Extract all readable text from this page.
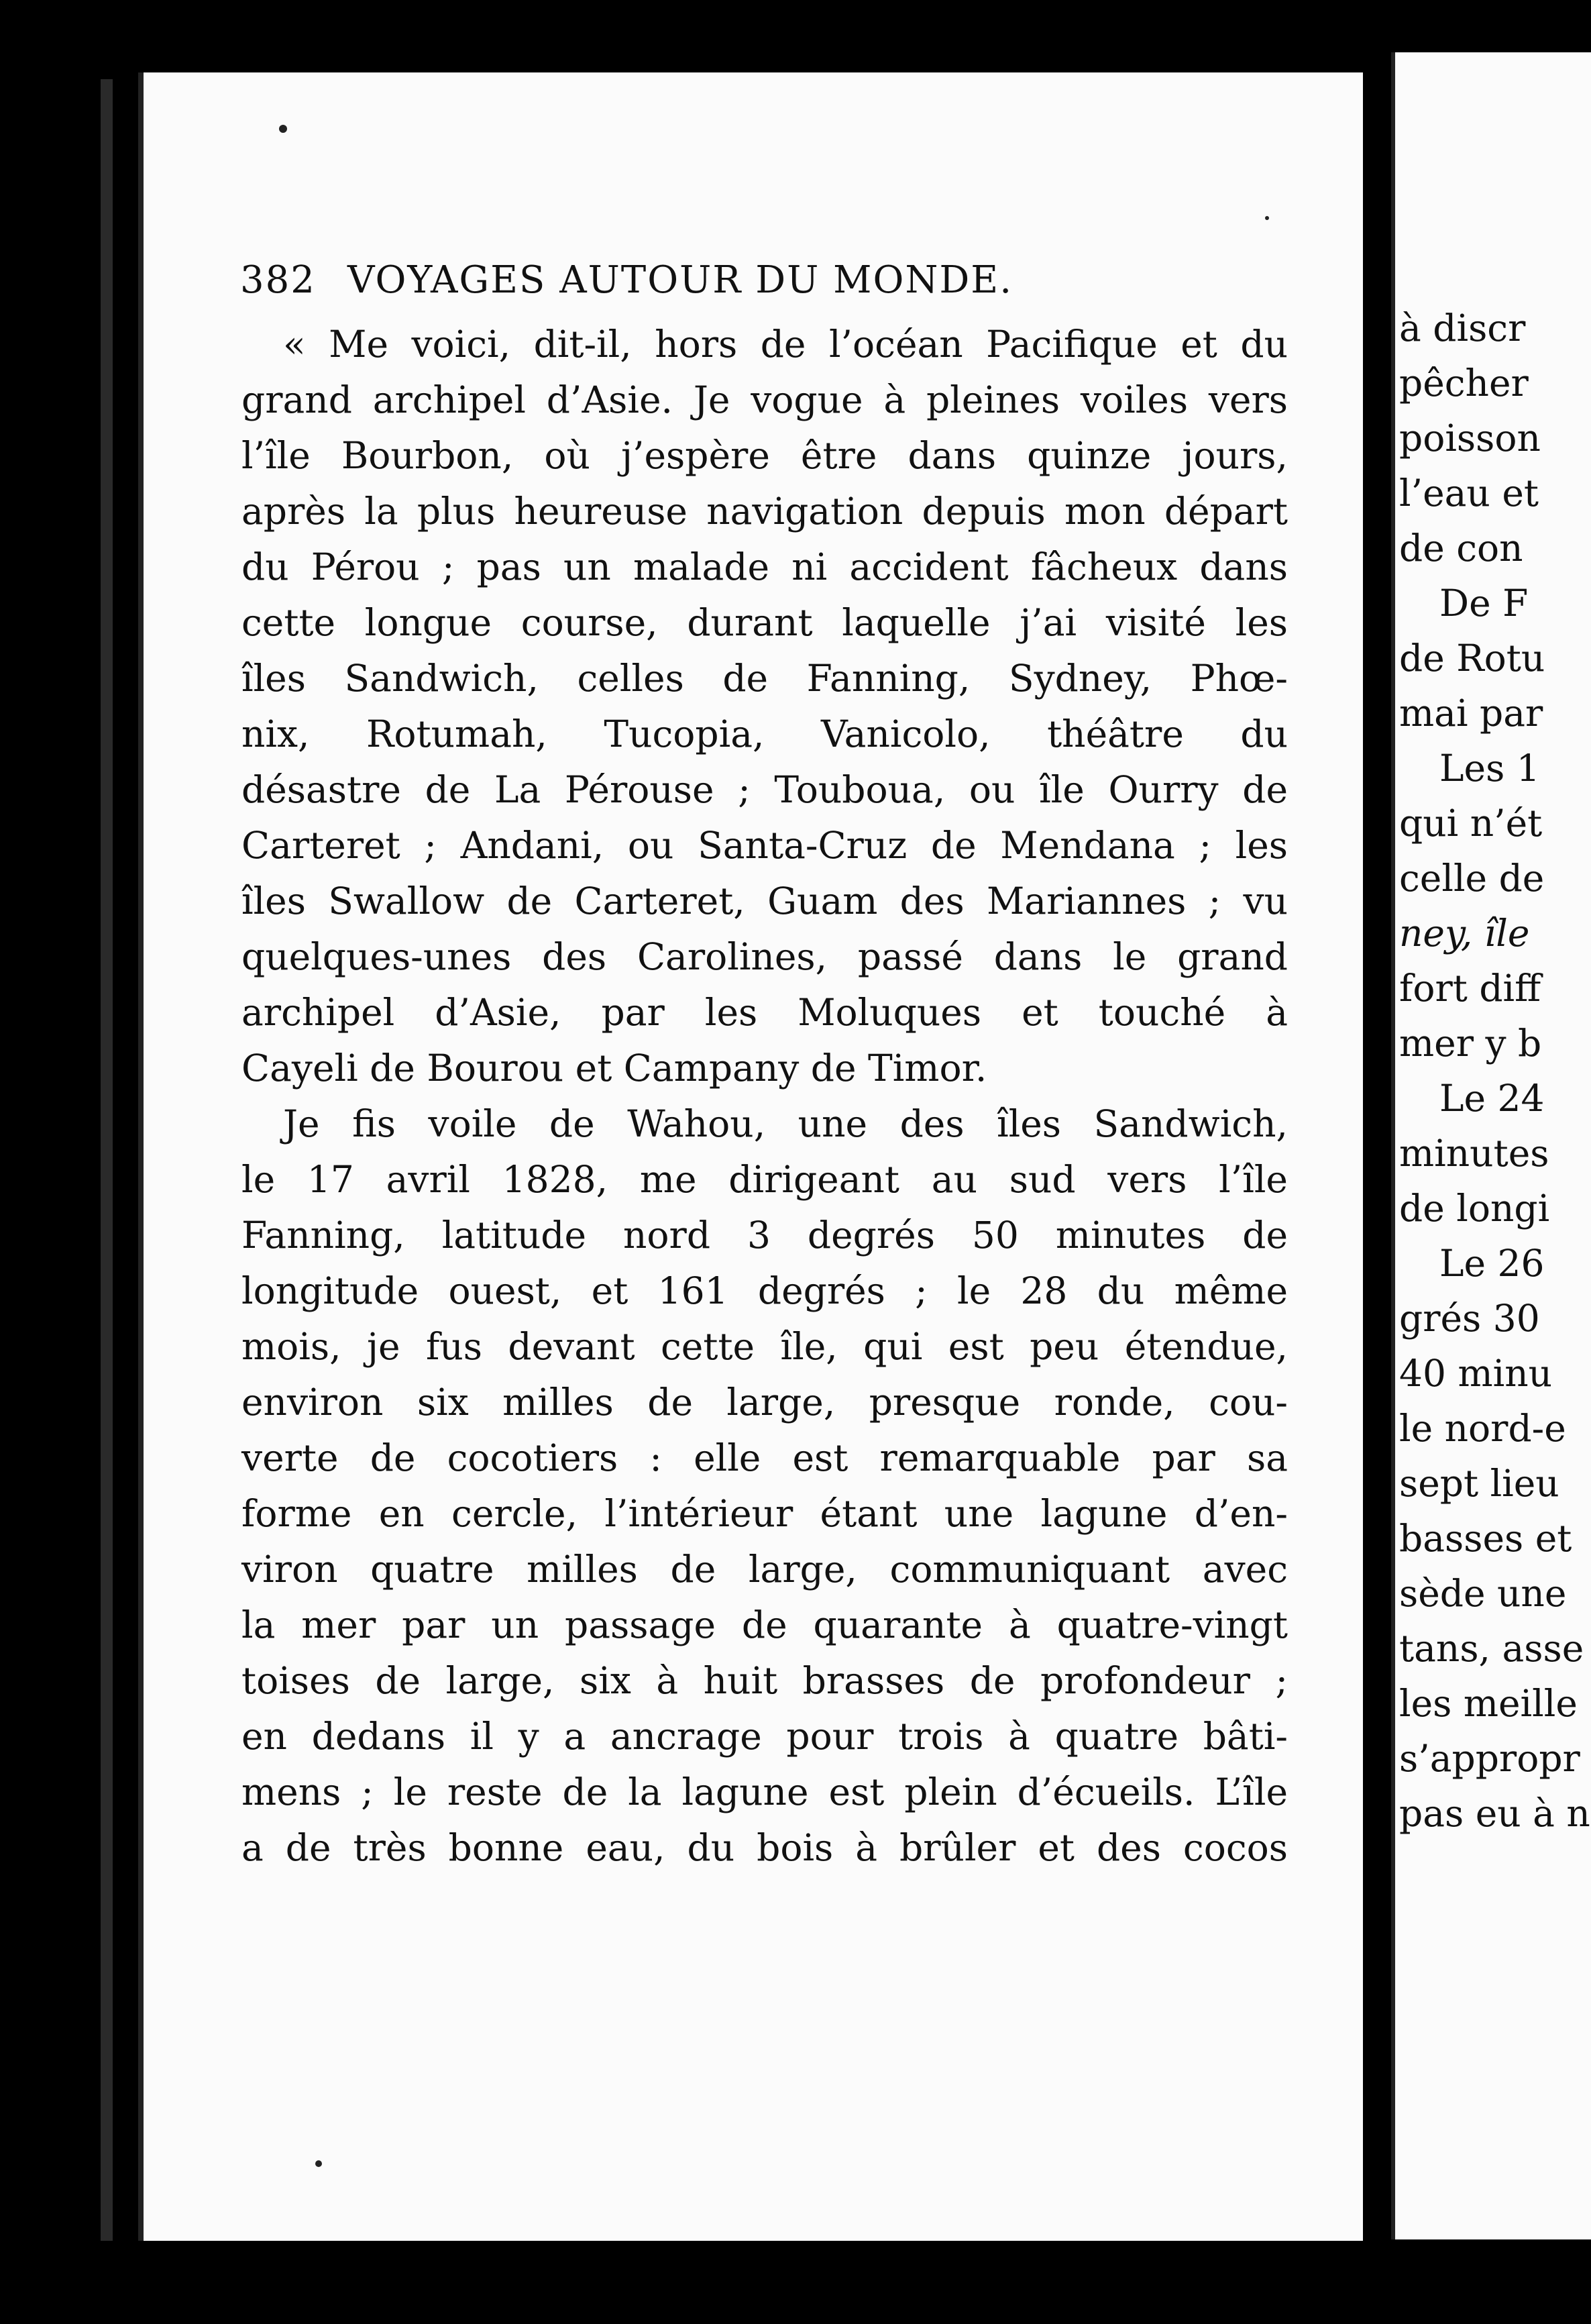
382 VOYAGES AUTOUR DU MONDE.
« Me voici, dit-il, hors de l’océan Pacifique et du
grand archipel d’Asie. Je vogue à pleines voiles vers
l’île Bourbon, où j’espère être dans quinze jours,
après la plus heureuse navigation depuis mon départ
du Pérou ; pas un malade ni accident fâcheux dans
cette longue course, durant laquelle j’ai visité les
îles Sandwich, celles de Fanning, Sydney, Phœ-
nix, Rotumah, Tucopia, Vanicolo, théâtre du
désastre de La Pérouse ; Touboua, ou île Ourry de
Carteret ; Andani, ou Santa-Cruz de Mendana ; les
îles Swallow de Carteret, Guam des Mariannes ; vu
quelques-unes des Carolines, passé dans le grand
archipel d’Asie, par les Moluques et touché à
Cayeli de Bourou et Campany de Timor.
Je fis voile de Wahou, une des îles Sandwich,
le 17 avril 1828, me dirigeant au sud vers l’île
Fanning, latitude nord 3 degrés 50 minutes de
longitude ouest, et 161 degrés ; le 28 du même
mois, je fus devant cette île, qui est peu étendue,
environ six milles de large, presque ronde, cou-
verte de cocotiers : elle est remarquable par sa
forme en cercle, l’intérieur étant une lagune d’en-
viron quatre milles de large, communiquant avec
la mer par un passage de quarante à quatre-vingt
toises de large, six à huit brasses de profondeur ;
en dedans il y a ancrage pour trois à quatre bâti-
mens ; le reste de la lagune est plein d’écueils. L’île
a de très bonne eau, du bois à brûler et des cocos
à discr
pêcher
poisson
l’eau et
de con
De F
de Rotu
mai par
Les 1
qui n’ét
celle de
ney, île
fort diff
mer y b
Le 24
minutes
de longi
Le 26
grés 30
40 minu
le nord-e
sept lieu
basses et
sède une
tans, asse
les meille
s’appropr
pas eu à n
